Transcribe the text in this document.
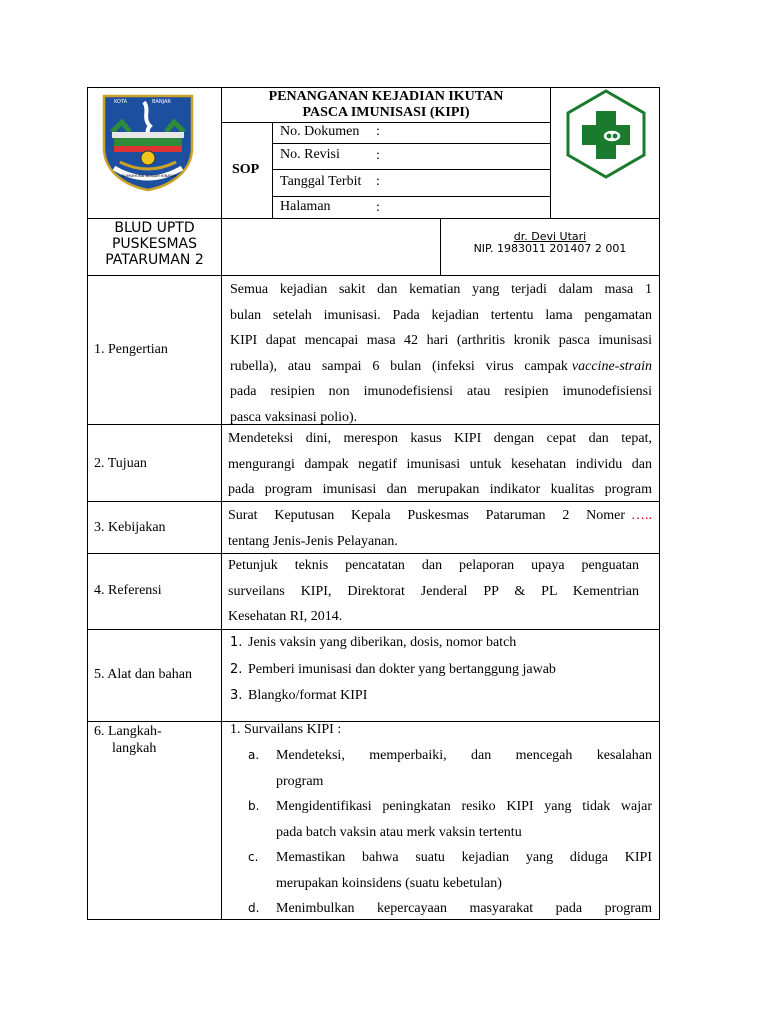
KOTA	BANJAR
SUMUHUNA BANJAR KINASIH
PENANGANAN KEJADIAN IKUTAN
PASCA IMUNISASI (KIPI)
SOP
No. Dokumen :
No. Revisi	:
Tanggal Terbit :
Halaman	:
BLUD UPTD
PUSKESMAS
PATARUMAN 2
dr. Devi Utari
NIP. 1983011 201407 2 001
1. Pengertian
Semua kejadian sakit dan kematian yang terjadi dalam masa 1
bulan setelah imunisasi. Pada kejadian tertentu lama pengamatan
KIPI dapat mencapai masa 42 hari (arthritis kronik pasca imunisasi
rubella), atau sampai 6 bulan (infeksi virus campak vaccine-strain
pada resipien non imunodefisiensi atau resipien imunodefisiensi
pasca vaksinasi polio).
2. Tujuan
Mendeteksi dini, merespon kasus KIPI dengan cepat dan tepat,
mengurangi dampak negatif imunisasi untuk kesehatan individu dan
pada program imunisasi dan merupakan indikator kualitas program
3. Kebijakan
Surat Keputusan Kepala Puskesmas Pataruman 2 Nomer …..
tentang Jenis-Jenis Pelayanan.
4. Referensi
Petunjuk teknis pencatatan dan pelaporan upaya penguatan
surveilans KIPI, Direktorat Jenderal PP & PL Kementrian
Kesehatan RI, 2014.
5. Alat dan bahan
1. Jenis vaksin yang diberikan, dosis, nomor batch
2. Pemberi imunisasi dan dokter yang bertanggung jawab
3. Blangko/format KIPI
6. Langkah-
langkah
1. Survailans KIPI :
a.	Mendeteksi, memperbaiki, dan mencegah kesalahan
program
b.	Mengidentifikasi peningkatan resiko KIPI yang tidak wajar
pada batch vaksin atau merk vaksin tertentu
c.	Memastikan bahwa suatu kejadian yang diduga KIPI
merupakan koinsidens (suatu kebetulan)
d.	Menimbulkan kepercayaan masyarakat pada program
